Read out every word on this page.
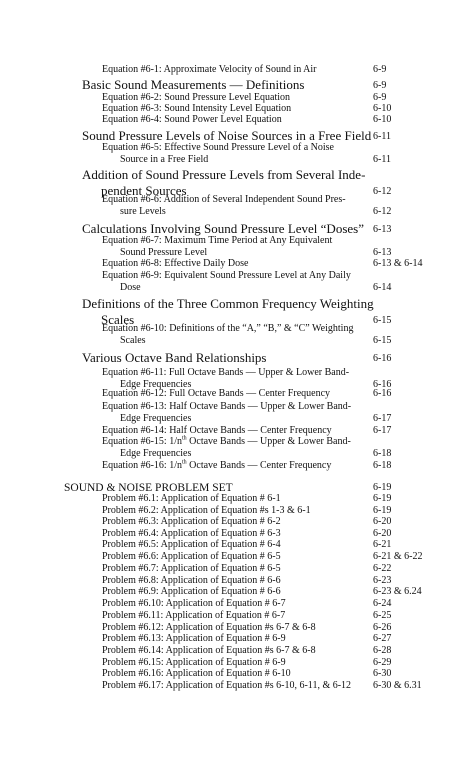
Equation #6-1: Approximate Velocity of Sound in Air	6-9
Basic Sound Measurements — Definitions	6-9
Equation #6-2: Sound Pressure Level Equation	6-9
Equation #6-3: Sound Intensity Level Equation	6-10
Equation #6-4: Sound Power Level Equation	6-10
Sound Pressure Levels of Noise Sources in a Free Field 6-11
Equation #6-5: Effective Sound Pressure Level of a Noise
Source in a Free Field	6-11
Addition of Sound Pressure Levels from Several Inde-
pendent Sources	6-12
Equation #6-6: Addition of Several Independent Sound Pres-
sure Levels	6-12
Calculations Involving Sound Pressure Level “Doses” 6-13
Equation #6-7: Maximum Time Period at Any Equivalent
Sound Pressure Level	6-13
Equation #6-8: Effective Daily Dose	6-13 & 6-14
Equation #6-9: Equivalent Sound Pressure Level at Any Daily
Dose	6-14
Definitions of the Three Common Frequency Weighting
Scales	6-15
Equation #6-10: Definitions of the “A,” “B,” & “C” Weighting
Scales	6-15
Various Octave Band Relationships	6-16
Equation #6-11: Full Octave Bands — Upper & Lower Band-
Edge Frequencies	6-16
Equation #6-12: Full Octave Bands — Center Frequency	6-16
Equation #6-13: Half Octave Bands — Upper & Lower Band-
Edge Frequencies	6-17
Equation #6-14: Half Octave Bands — Center Frequency	6-17
Equation #6-15: $1/n^{th}$ Octave Bands — Upper & Lower Band-
Edge Frequencies	6-18
Equation #6-16: $1/n^{th}$ Octave Bands — Center Frequency	6-18
SOUND & NOISE PROBLEM SET	6-19
Problem #6.1: Application of Equation # 6-1	6-19
Problem #6.2: Application of Equation #s 1-3 & 6-1	6-19
Problem #6.3: Application of Equation # 6-2	6-20
Problem #6.4: Application of Equation # 6-3	6-20
Problem #6.5: Application of Equation # 6-4	6-21
Problem #6.6: Application of Equation # 6-5	6-21 & 6-22
Problem #6.7: Application of Equation # 6-5	6-22
Problem #6.8: Application of Equation # 6-6	6-23
Problem #6.9: Application of Equation # 6-6	6-23 & 6.24
Problem #6.10: Application of Equation # 6-7	6-24
Problem #6.11: Application of Equation # 6-7	6-25
Problem #6.12: Application of Equation #s 6-7 & 6-8	6-26
Problem #6.13: Application of Equation # 6-9	6-27
Problem #6.14: Application of Equation #s 6-7 & 6-8	6-28
Problem #6.15: Application of Equation # 6-9	6-29
Problem #6.16: Application of Equation # 6-10	6-30
Problem #6.17: Application of Equation #s 6-10, 6-11, & 6-12 6-30 & 6.31
